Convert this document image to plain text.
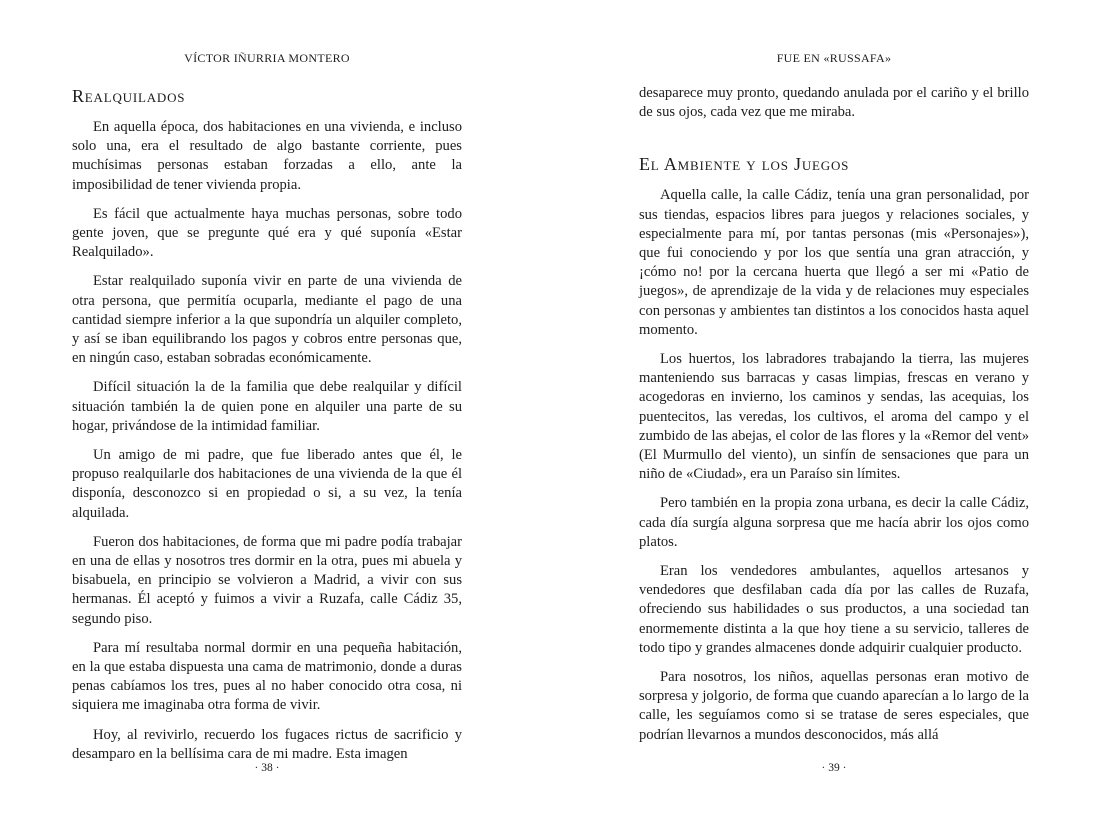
VÍCTOR IÑURRIA MONTERO
Realquilados

En aquella época, dos habitaciones en una vivienda, e incluso solo una, era el resultado de algo bastante corriente, pues muchísimas personas estaban forzadas a ello, ante la imposibilidad de tener vivienda propia.

Es fácil que actualmente haya muchas personas, sobre todo gente joven, que se pregunte qué era y qué suponía «Estar Realquilado».

Estar realquilado suponía vivir en parte de una vivienda de otra persona, que permitía ocuparla, mediante el pago de una cantidad siempre inferior a la que supondría un alquiler completo, y así se iban equilibrando los pagos y cobros entre personas que, en ningún caso, estaban sobradas económicamente.

Difícil situación la de la familia que debe realquilar y difícil situación también la de quien pone en alquiler una parte de su hogar, privándose de la intimidad familiar.

Un amigo de mi padre, que fue liberado antes que él, le propuso realquilarle dos habitaciones de una vivienda de la que él disponía, desconozco si en propiedad o si, a su vez, la tenía alquilada.

Fueron dos habitaciones, de forma que mi padre podía trabajar en una de ellas y nosotros tres dormir en la otra, pues mi abuela y bisabuela, en principio se volvieron a Madrid, a vivir con sus hermanas. Él aceptó y fuimos a vivir a Ruzafa, calle Cádiz 35, segundo piso.

Para mí resultaba normal dormir en una pequeña habitación, en la que estaba dispuesta una cama de matrimonio, donde a duras penas cabíamos los tres, pues al no haber conocido otra cosa, ni siquiera me imaginaba otra forma de vivir.

Hoy, al revivirlo, recuerdo los fugaces rictus de sacrificio y desamparo en la bellísima cara de mi madre. Esta imagen

· 38 ·
FUE EN «RUSSAFA»

desaparece muy pronto, quedando anulada por el cariño y el brillo de sus ojos, cada vez que me miraba.

El Ambiente y los Juegos

Aquella calle, la calle Cádiz, tenía una gran personalidad, por sus tiendas, espacios libres para juegos y relaciones sociales, y especialmente para mí, por tantas personas (mis «Personajes»), que fui conociendo y por los que sentía una gran atracción, y ¡cómo no! por la cercana huerta que llegó a ser mi «Patio de juegos», de aprendizaje de la vida y de relaciones muy especiales con personas y ambientes tan distintos a los conocidos hasta aquel momento.

Los huertos, los labradores trabajando la tierra, las mujeres manteniendo sus barracas y casas limpias, frescas en verano y acogedoras en invierno, los caminos y sendas, las acequias, los puentecitos, las veredas, los cultivos, el aroma del campo y el zumbido de las abejas, el color de las flores y la «Remor del vent» (El Murmullo del viento), un sinfín de sensaciones que para un niño de «Ciudad», era un Paraíso sin límites.

Pero también en la propia zona urbana, es decir la calle Cádiz, cada día surgía alguna sorpresa que me hacía abrir los ojos como platos.

Eran los vendedores ambulantes, aquellos artesanos y vendedores que desfilaban cada día por las calles de Ruzafa, ofreciendo sus habilidades o sus productos, a una sociedad tan enormemente distinta a la que hoy tiene a su servicio, talleres de todo tipo y grandes almacenes donde adquirir cualquier producto.

Para nosotros, los niños, aquellas personas eran motivo de sorpresa y jolgorio, de forma que cuando aparecían a lo largo de la calle, les seguíamos como si se tratase de seres especiales, que podrían llevarnos a mundos desconocidos, más allá

· 39 ·
